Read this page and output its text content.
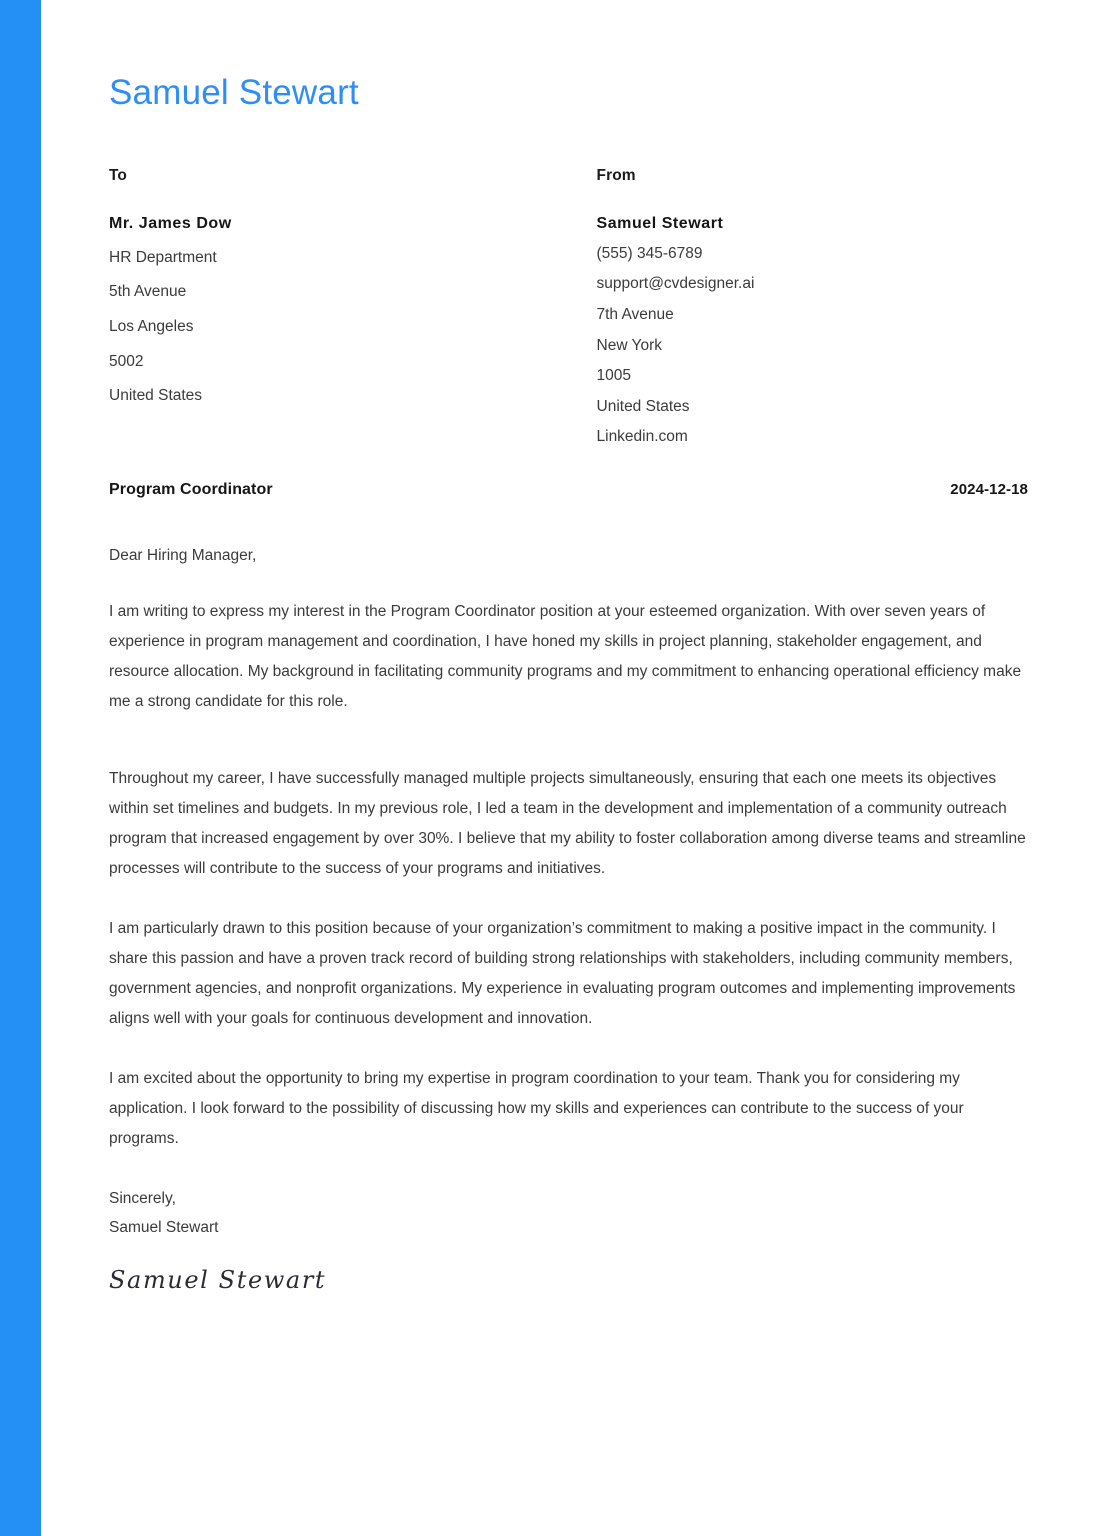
Samuel Stewart
To
Mr. James Dow
HR Department
5th Avenue
Los Angeles
5002
United States
From
Samuel Stewart
(555) 345-6789
support@cvdesigner.ai
7th Avenue
New York
1005
United States
Linkedin.com
Program Coordinator	2024-12-18
Dear Hiring Manager,

I am writing to express my interest in the Program Coordinator position at your esteemed organization. With over seven years of experience in program management and coordination, I have honed my skills in project planning, stakeholder engagement, and resource allocation. My background in facilitating community programs and my commitment to enhancing operational efficiency make me a strong candidate for this role.

Throughout my career, I have successfully managed multiple projects simultaneously, ensuring that each one meets its objectives within set timelines and budgets. In my previous role, I led a team in the development and implementation of a community outreach program that increased engagement by over 30%. I believe that my ability to foster collaboration among diverse teams and streamline processes will contribute to the success of your programs and initiatives.

I am particularly drawn to this position because of your organization’s commitment to making a positive impact in the community. I share this passion and have a proven track record of building strong relationships with stakeholders, including community members, government agencies, and nonprofit organizations. My experience in evaluating program outcomes and implementing improvements aligns well with your goals for continuous development and innovation.

I am excited about the opportunity to bring my expertise in program coordination to your team. Thank you for considering my application. I look forward to the possibility of discussing how my skills and experiences can contribute to the success of your programs.

Sincerely,
Samuel Stewart
Samuel Stewart
